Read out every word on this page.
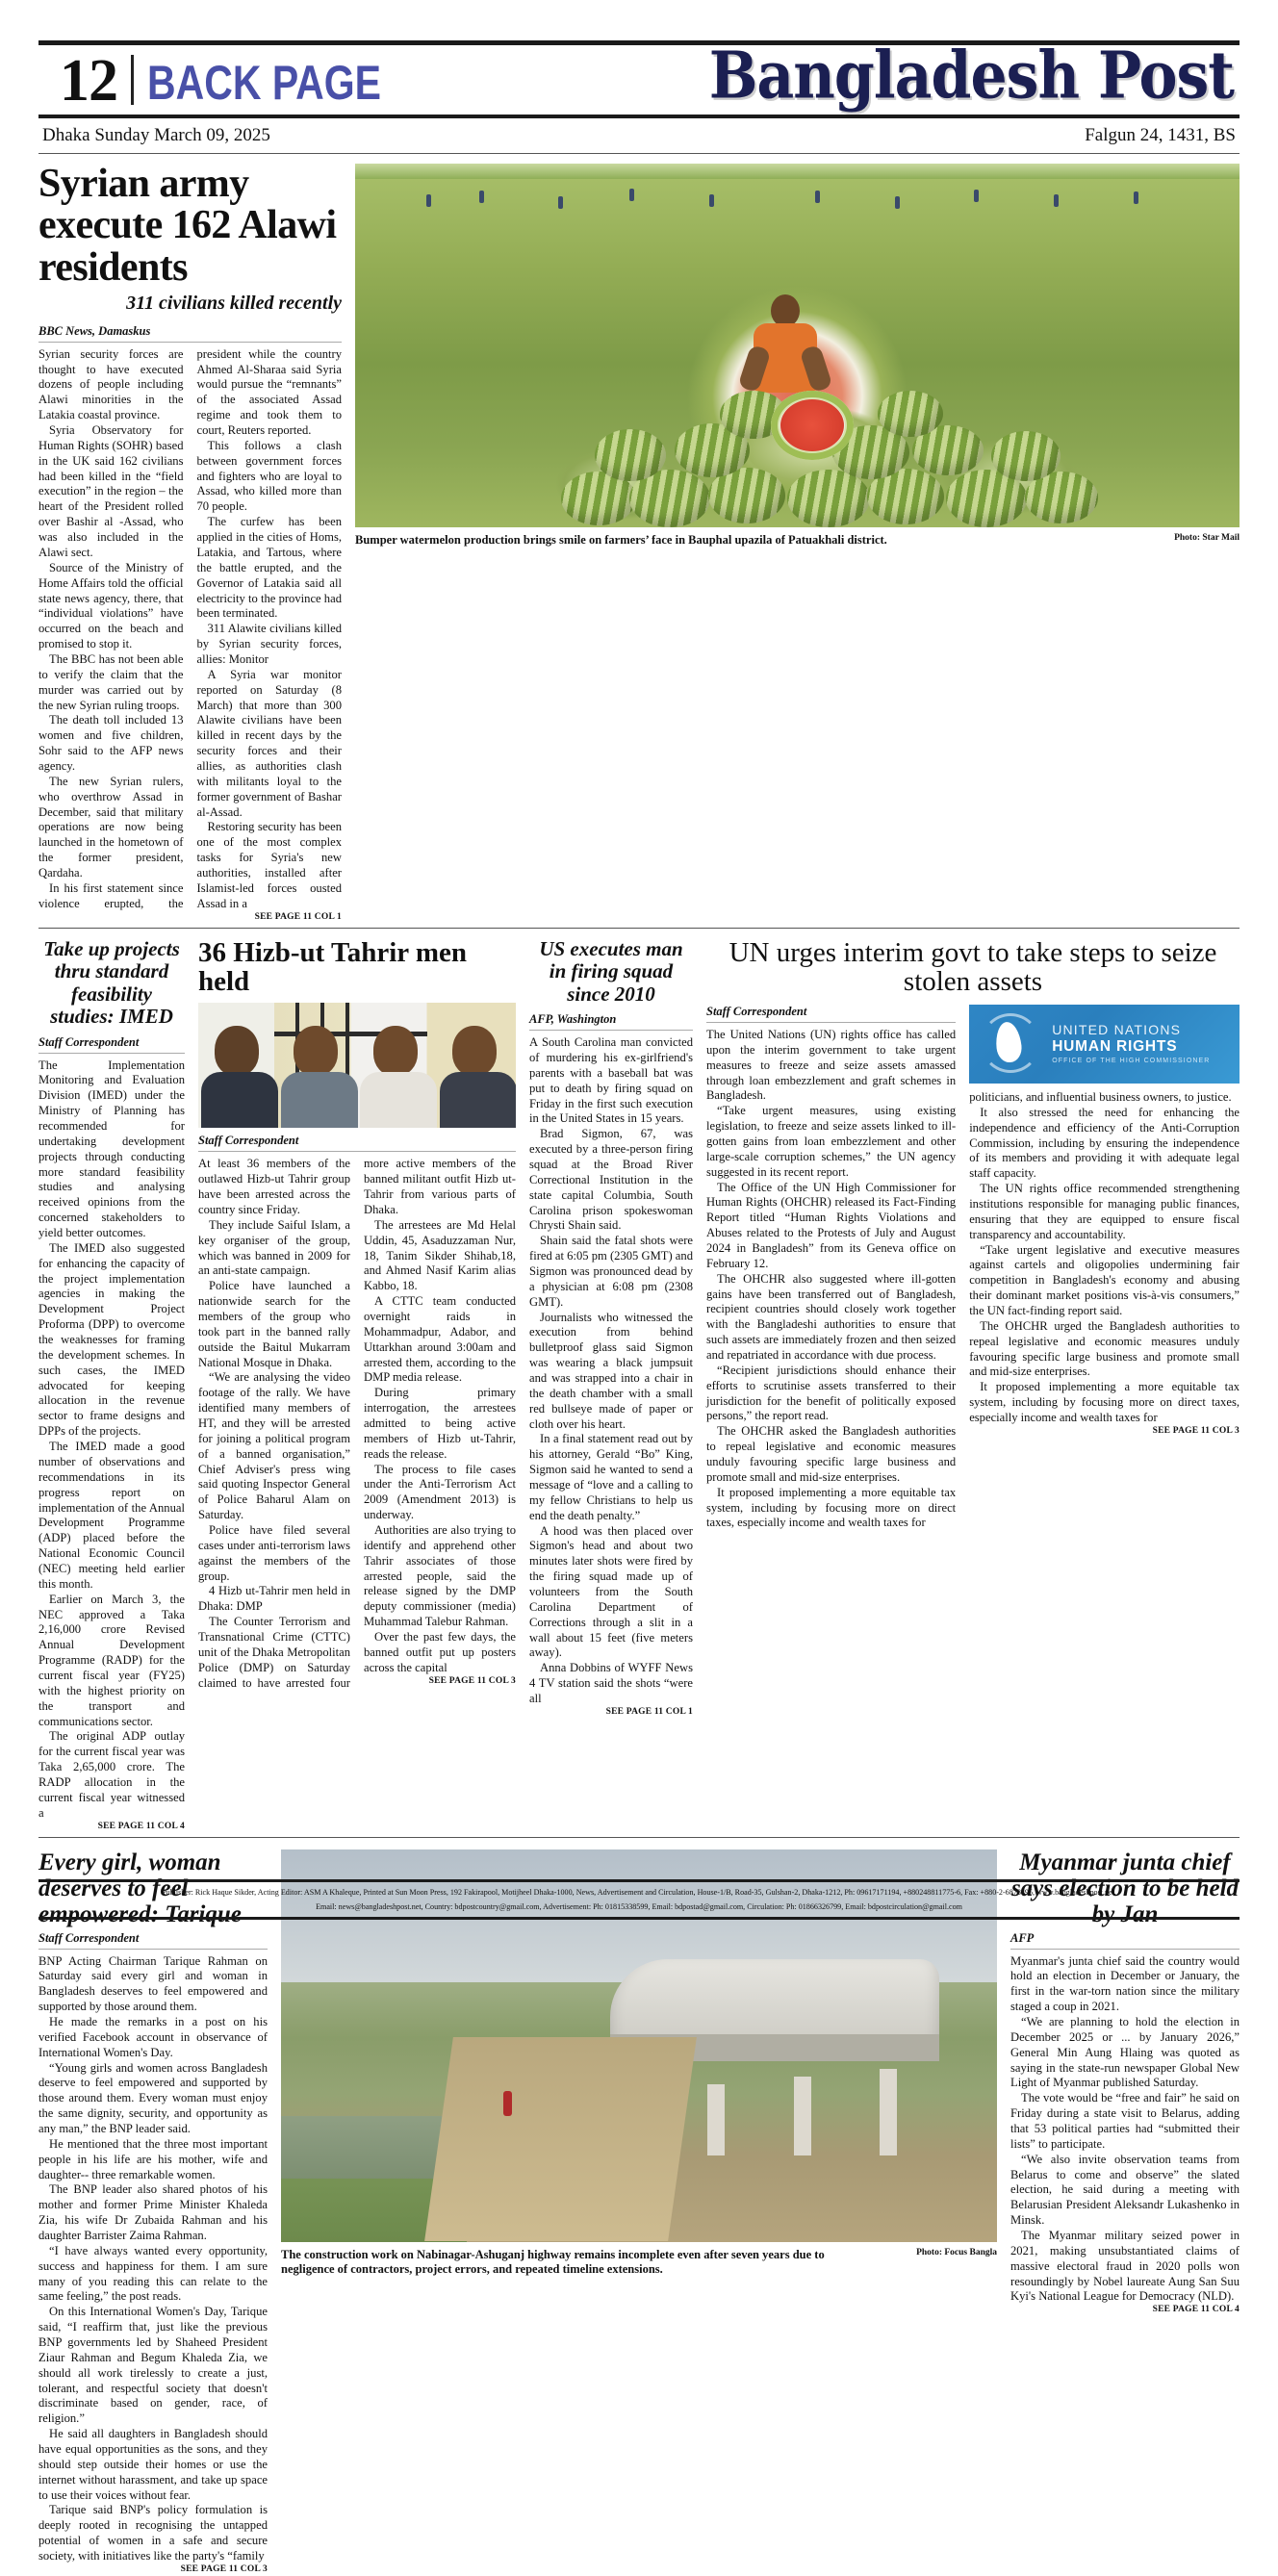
12 BACK PAGE	Bangladesh Post
Dhaka Sunday March 09, 2025	Falgun 24, 1431, BS
Syrian army execute 162 Alawi residents
311 civilians killed recently
BBC News, Damaskus

Syrian security forces are thought to have executed dozens of people including Alawi minorities in the Latakia coastal province.

Syria Observatory for Human Rights (SOHR) based in the UK said 162 civilians had been killed in the “field execution” in the region – the heart of the President rolled over Bashir al -Assad, who was also included in the Alawi sect.

Source of the Ministry of Home Affairs told the official state news agency, there, that “individual violations” have occurred on the beach and promised to stop it.

The BBC has not been able to verify the claim that the murder was carried out by the new Syrian ruling troops.

The death toll included 13 women and five children, Sohr said to the AFP news agency.

The new Syrian rulers, who overthrow Assad in December, said that military operations are now being launched in the hometown of the former president, Qardaha.

In his first statement since violence erupted, the president while the country Ahmed Al-Sharaa said Syria would pursue the “remnants” of the associated Assad regime and took them to court, Reuters reported.

This follows a clash between government forces and fighters who are loyal to Assad, who killed more than 70 people.

The curfew has been applied in the cities of Homs, Latakia, and Tartous, where the battle erupted, and the Governor of Latakia said all electricity to the province had been terminated.

311 Alawite civilians killed by Syrian security forces, allies: Monitor

A Syria war monitor reported on Saturday (8 March) that more than 300 Alawite civilians have been killed in recent days by the security forces and their allies, as authorities clash with militants loyal to the former government of Bashar al-Assad.

Restoring security has been one of the most complex tasks for Syria's new authorities, installed after Islamist-led forces ousted Assad in a

SEE PAGE 11 COL 1
Bumper watermelon production brings smile on farmers’ face in Bauphal upazila of Patuakhali district.	Photo: Star Mail
Take up projects thru standard feasibility studies: IMED
Staff Correspondent

The Implementation Monitoring and Evaluation Division (IMED) under the Ministry of Planning has recommended for undertaking development projects through conducting more standard feasibility studies and analysing received opinions from the concerned stakeholders to yield better outcomes.

The IMED also suggested for enhancing the capacity of the project implementation agencies in making the Development Project Proforma (DPP) to overcome the weaknesses for framing the development schemes. In such cases, the IMED advocated for keeping allocation in the revenue sector to frame designs and DPPs of the projects.

The IMED made a good number of observations and recommendations in its progress report on implementation of the Annual Development Programme (ADP) placed before the National Economic Council (NEC) meeting held earlier this month.

Earlier on March 3, the NEC approved a Taka 2,16,000 crore Revised Annual Development Programme (RADP) for the current fiscal year (FY25) with the highest priority on the transport and communications sector.

The original ADP outlay for the current fiscal year was Taka 2,65,000 crore. The RADP allocation in the current fiscal year witnessed a

SEE PAGE 11 COL 4
36 Hizb-ut Tahrir men held
Staff Correspondent

At least 36 members of the outlawed Hizb-ut Tahrir group have been arrested across the country since Friday.

They include Saiful Islam, a key organiser of the group, which was banned in 2009 for an anti-state campaign.

Police have launched a nationwide search for the members of the group who took part in the banned rally outside the Baitul Mukarram National Mosque in Dhaka.

“We are analysing the video footage of the rally. We have identified many members of HT, and they will be arrested for joining a political program of a banned organisation,” Chief Adviser's press wing said quoting Inspector General of Police Baharul Alam on Saturday.

Police have filed several cases under anti-terrorism laws against the members of the group.

4 Hizb ut-Tahrir men held in Dhaka: DMP

The Counter Terrorism and Transnational Crime (CTTC) unit of the Dhaka Metropolitan Police (DMP) on Saturday claimed to have arrested four more active members of the banned militant outfit Hizb ut-Tahrir from various parts of Dhaka.

The arrestees are Md Helal Uddin, 45, Asaduzzaman Nur, 18, Tanim Sikder Shihab,18, and Ahmed Nasif Karim alias Kabbo, 18.

A CTTC team conducted overnight raids in Mohammadpur, Adabor, and Uttarkhan around 3:00am and arrested them, according to the DMP media release.

During primary interrogation, the arrestees admitted to being active members of Hizb ut-Tahrir, reads the release.

The process to file cases under the Anti-Terrorism Act 2009 (Amendment 2013) is underway.

Authorities are also trying to identify and apprehend other Tahrir associates of those arrested people, said the release signed by the DMP deputy commissioner (media) Muhammad Talebur Rahman.

Over the past few days, the banned outfit put up posters across the capital

SEE PAGE 11 COL 3
US executes man in firing squad since 2010
AFP, Washington

A South Carolina man convicted of murdering his ex-girlfriend's parents with a baseball bat was put to death by firing squad on Friday in the first such execution in the United States in 15 years.

Brad Sigmon, 67, was executed by a three-person firing squad at the Broad River Correctional Institution in the state capital Columbia, South Carolina prison spokeswoman Chrysti Shain said.

Shain said the fatal shots were fired at 6:05 pm (2305 GMT) and Sigmon was pronounced dead by a physician at 6:08 pm (2308 GMT).

Journalists who witnessed the execution from behind bulletproof glass said Sigmon was wearing a black jumpsuit and was strapped into a chair in the death chamber with a small red bullseye made of paper or cloth over his heart.

In a final statement read out by his attorney, Gerald “Bo” King, Sigmon said he wanted to send a message of “love and a calling to my fellow Christians to help us end the death penalty.”

A hood was then placed over Sigmon's head and about two minutes later shots were fired by the firing squad made up of volunteers from the South Carolina Department of Corrections through a slit in a wall about 15 feet (five meters away).

Anna Dobbins of WYFF News 4 TV station said the shots “were all

SEE PAGE 11 COL 1
UN urges interim govt to take steps to seize stolen assets
Staff Correspondent

The United Nations (UN) rights office has called upon the interim government to take urgent measures to freeze and seize assets amassed through loan embezzlement and graft schemes in Bangladesh.

“Take urgent measures, using existing legislation, to freeze and seize assets linked to ill-gotten gains from loan embezzlement and other large-scale corruption schemes,” the UN agency suggested in its recent report.

The Office of the UN High Commissioner for Human Rights (OHCHR) released its Fact-Finding Report titled “Human Rights Violations and Abuses related to the Protests of July and August 2024 in Bangladesh” from its Geneva office on February 12.

The OHCHR also suggested where ill-gotten gains have been transferred out of Bangladesh, recipient countries should closely work together with the Bangladeshi authorities to ensure that such assets are immediately frozen and then seized and repatriated in accordance with due process.

“Recipient jurisdictions should enhance their efforts to scrutinise assets transferred to their jurisdiction for the benefit of politically exposed persons,” the report read.

The OHCHR asked the Bangladesh authorities to repeal legislative and economic measures unduly favouring specific large business and promote small and mid-size enterprises.

It proposed implementing a more equitable tax system, including by focusing more on direct taxes, especially income and wealth taxes for

UNITED NATIONS
HUMAN RIGHTS
OFFICE OF THE HIGH COMMISSIONER

politicians, and influential business owners, to justice.

It also stressed the need for enhancing the independence and efficiency of the Anti-Corruption Commission, including by ensuring the independence of its members and providing it with adequate legal staff capacity.

The UN rights office recommended strengthening institutions responsible for managing public finances, ensuring that they are equipped to ensure fiscal transparency and accountability.

“Take urgent legislative and executive measures against cartels and oligopolies undermining fair competition in Bangladesh's economy and abusing their dominant market positions vis-à-vis consumers,” the UN fact-finding report said.

The OHCHR urged the Bangladesh authorities to repeal legislative and economic measures unduly favouring specific large business and promote small and mid-size enterprises.

It proposed implementing a more equitable tax system, including by focusing more on direct taxes, especially income and wealth taxes for

SEE PAGE 11 COL 3
Every girl, woman deserves to feel empowered: Tarique
Staff Correspondent

BNP Acting Chairman Tarique Rahman on Saturday said every girl and woman in Bangladesh deserves to feel empowered and supported by those around them.

He made the remarks in a post on his verified Facebook account in observance of International Women's Day.

“Young girls and women across Bangladesh deserve to feel empowered and supported by those around them. Every woman must enjoy the same dignity, security, and opportunity as any man,” the BNP leader said.

He mentioned that the three most important people in his life are his mother, wife and daughter-- three remarkable women.

The BNP leader also shared photos of his mother and former Prime Minister Khaleda Zia, his wife Dr Zubaida Rahman and his daughter Barrister Zaima Rahman.

“I have always wanted every opportunity, success and happiness for them. I am sure many of you reading this can relate to the same feeling,” the post reads.

On this International Women's Day, Tarique said, “I reaffirm that, just like the previous BNP governments led by Shaheed President Ziaur Rahman and Begum Khaleda Zia, we should all work tirelessly to create a just, tolerant, and respectful society that doesn't discriminate based on gender, race, of religion.”

He said all daughters in Bangladesh should have equal opportunities as the sons, and they should step outside their homes or use the internet without harassment, and take up space to use their voices without fear.

Tarique said BNP's policy formulation is deeply rooted in recognising the untapped potential of women in a safe and secure society, with initiatives like the party's “family

SEE PAGE 11 COL 3
The construction work on Nabinagar-Ashuganj highway remains incomplete even after seven years due to negligence of contractors, project errors, and repeated timeline extensions.
Photo: Focus Bangla
Myanmar junta chief says election to be held by Jan
AFP

Myanmar's junta chief said the country would hold an election in December or January, the first in the war-torn nation since the military staged a coup in 2021.

“We are planning to hold the election in December 2025 or ... by January 2026,” General Min Aung Hlaing was quoted as saying in the state-run newspaper Global New Light of Myanmar published Saturday.

The vote would be “free and fair” he said on Friday during a state visit to Belarus, adding that 53 political parties had “submitted their lists” to participate.

“We also invite observation teams from Belarus to come and observe” the slated election, he said during a meeting with Belarusian President Aleksandr Lukashenko in Minsk.

The Myanmar military seized power in 2021, making unsubstantiated claims of massive electoral fraud in 2020 polls won resoundingly by Nobel laureate Aung San Suu Kyi's National League for Democracy (NLD).

SEE PAGE 11 COL 4
Publisher: Rick Haque Sikder, Acting Editor: ASM A Khaleque, Printed at Sun Moon Press, 192 Fakirapool, Motijheel Dhaka-1000, News, Advertisement and Circulation, House-1/B, Road-35, Gulshan-2, Dhaka-1212, Ph: 09617171194, +880248811775-6, Fax: +880-2-6878495, www.bangladeshpost.net,
Email: news@bangladeshpost.net, Country: bdpostcountry@gmail.com, Advertisement: Ph: 01815338599, Email: bdpostad@gmail.com, Circulation: Ph: 01866326799, Email: bdpostcirculation@gmail.com
